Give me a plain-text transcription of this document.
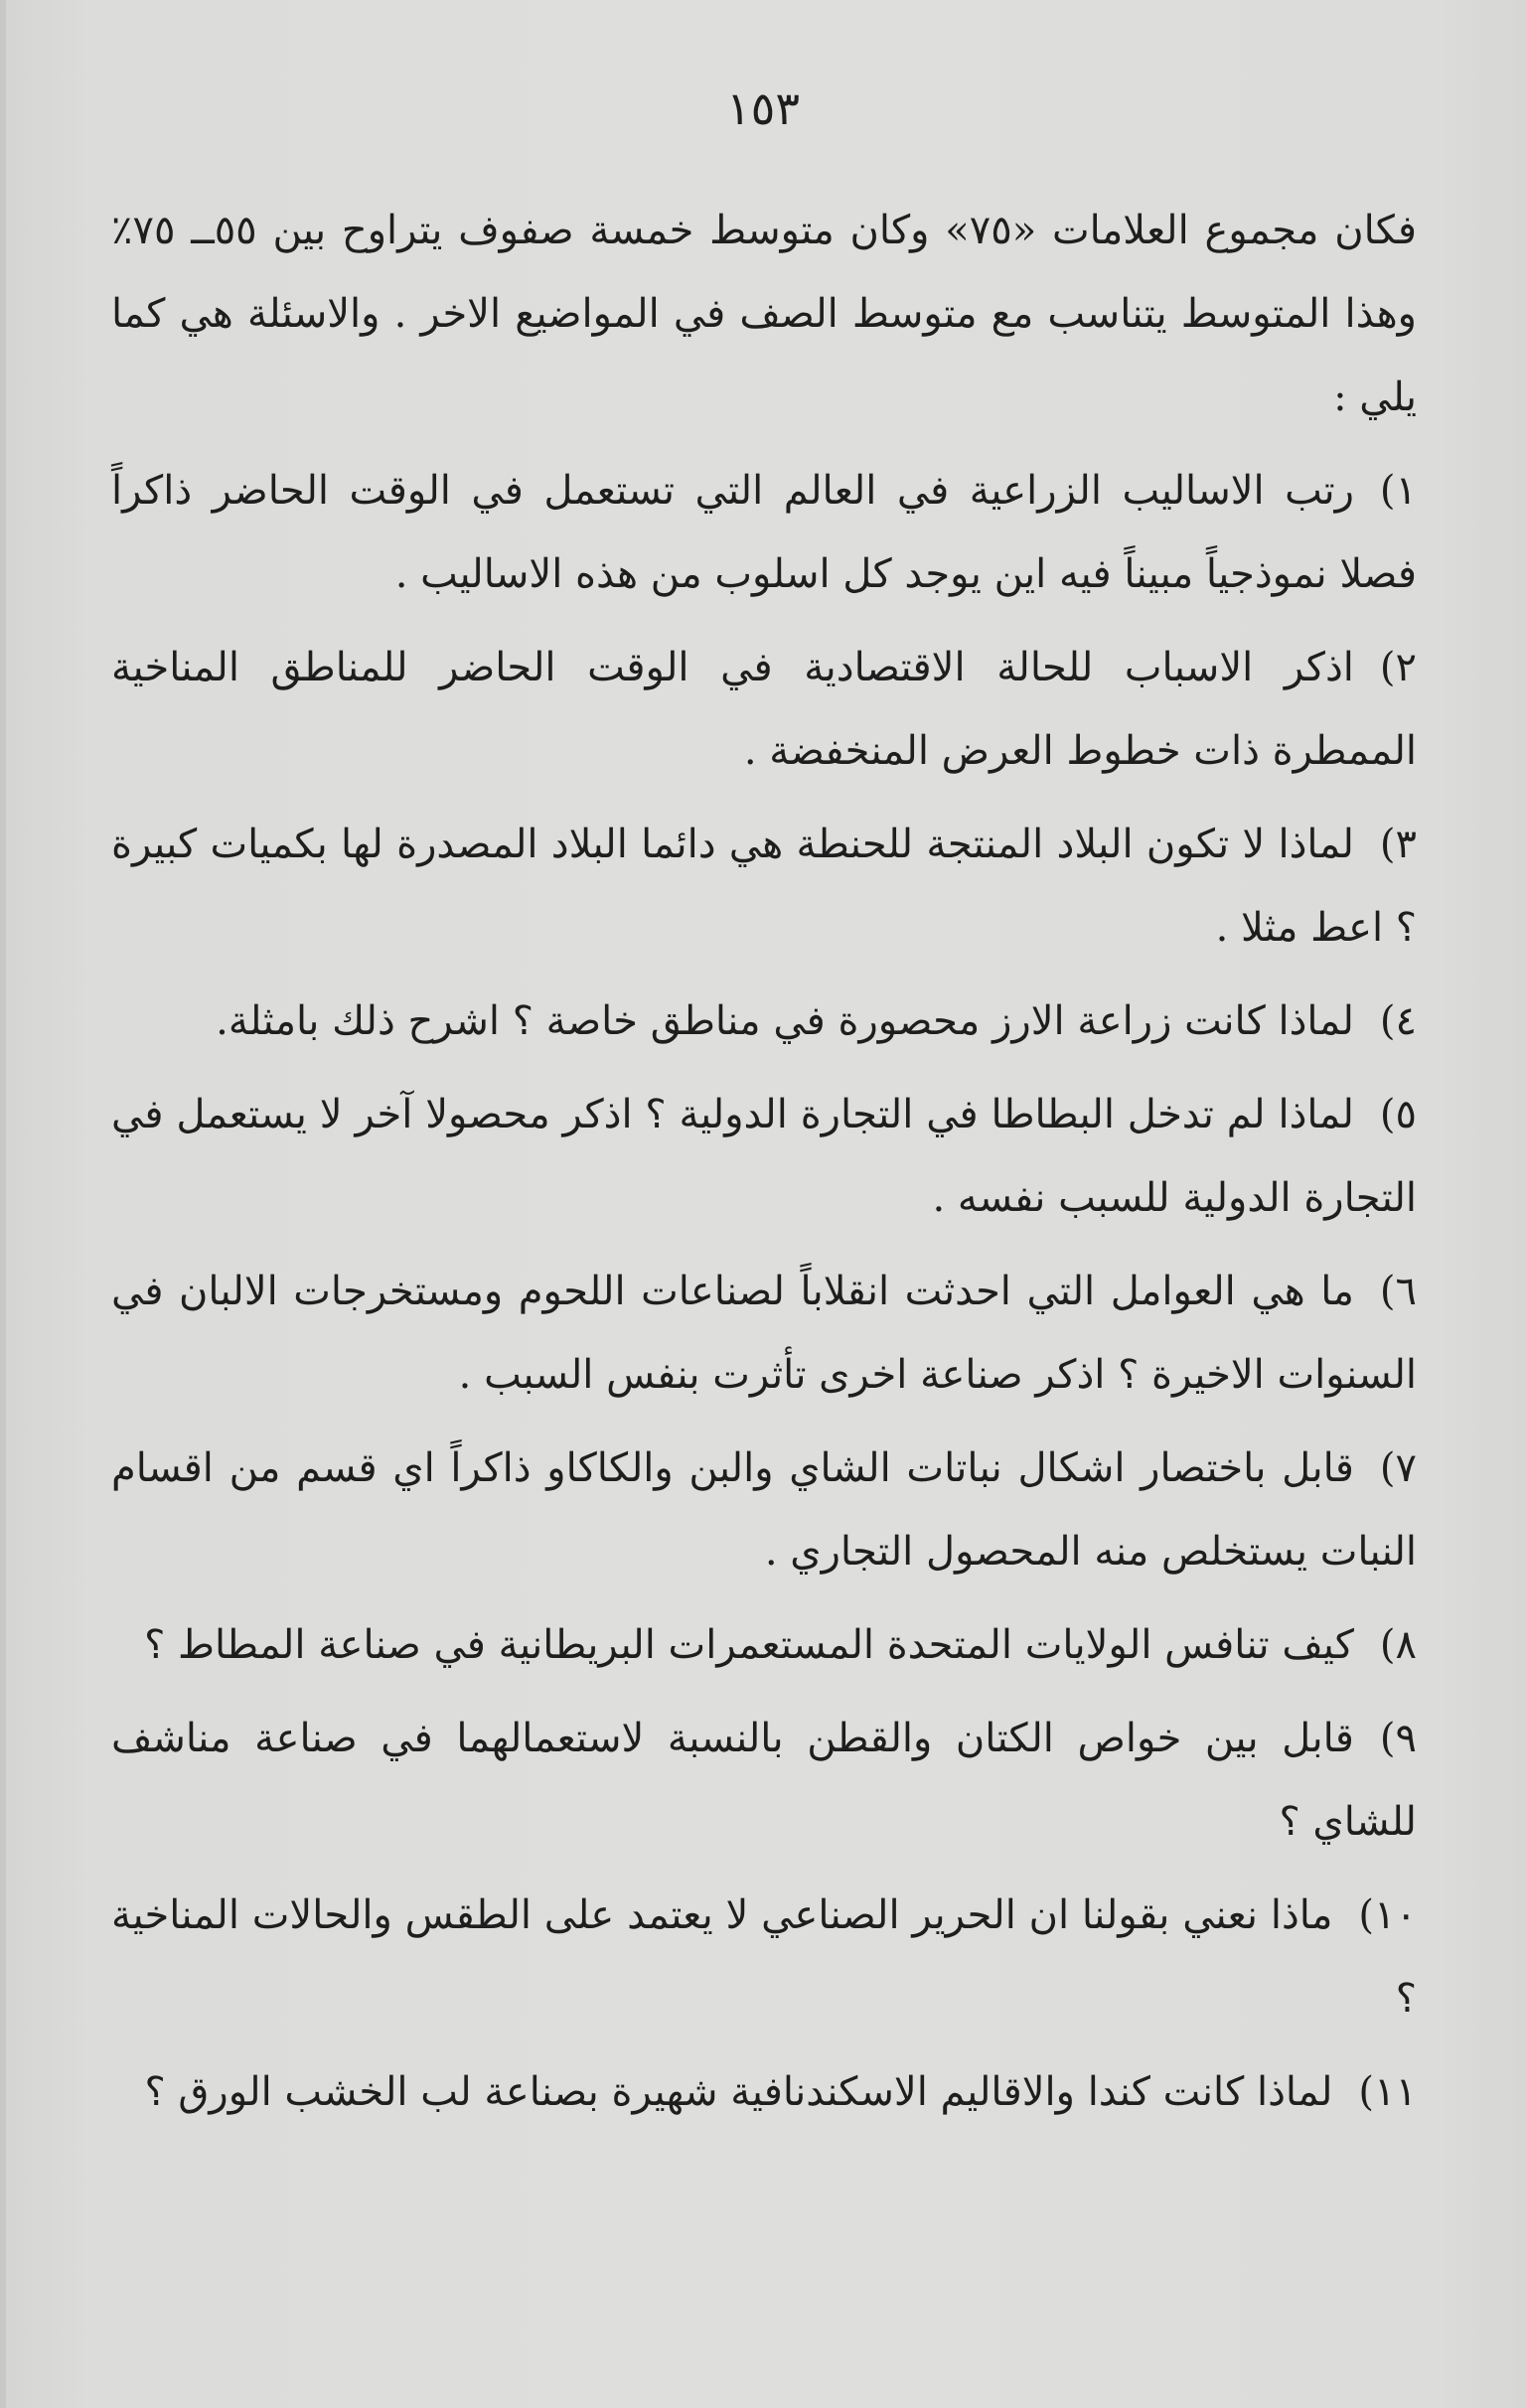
١٥٣

فكان مجموع العلامات «٧٥» وكان متوسط خمسة صفوف يتراوح بين ٥٥ــ ٧٥٪ وهذا المتوسط يتناسب مع متوسط الصف في المواضيع الاخر . والاسئلة هي كما يلي :

١)رتب الاساليب الزراعية في العالم التي تستعمل في الوقت الحاضر ذاكراً فصلا نموذجياً مبيناً فيه اين يوجد كل اسلوب من هذه الاساليب .

٢)اذكر الاسباب للحالة الاقتصادية في الوقت الحاضر للمناطق المناخية الممطرة ذات خطوط العرض المنخفضة .

٣)لماذا لا تكون البلاد المنتجة للحنطة هي دائما البلاد المصدرة لها بكميات كبيرة ؟ اعط مثلا .

٤)لماذا كانت زراعة الارز محصورة في مناطق خاصة ؟ اشرح ذلك بامثلة.

٥)لماذا لم تدخل البطاطا في التجارة الدولية ؟ اذكر محصولا آخر لا يستعمل في التجارة الدولية للسبب نفسه .

٦)ما هي العوامل التي احدثت انقلاباً لصناعات اللحوم ومستخرجات الالبان في السنوات الاخيرة ؟ اذكر صناعة اخرى تأثرت بنفس السبب .

٧)قابل باختصار اشكال نباتات الشاي والبن والكاكاو ذاكراً اي قسم من اقسام النبات يستخلص منه المحصول التجاري .

٨)كيف تنافس الولايات المتحدة المستعمرات البريطانية في صناعة المطاط ؟

٩)قابل بين خواص الكتان والقطن بالنسبة لاستعمالهما في صناعة مناشف للشاي ؟

١٠)ماذا نعني بقولنا ان الحرير الصناعي لا يعتمد على الطقس والحالات المناخية ؟

١١)لماذا كانت كندا والاقاليم الاسكندنافية شهيرة بصناعة لب الخشب الورق ؟
